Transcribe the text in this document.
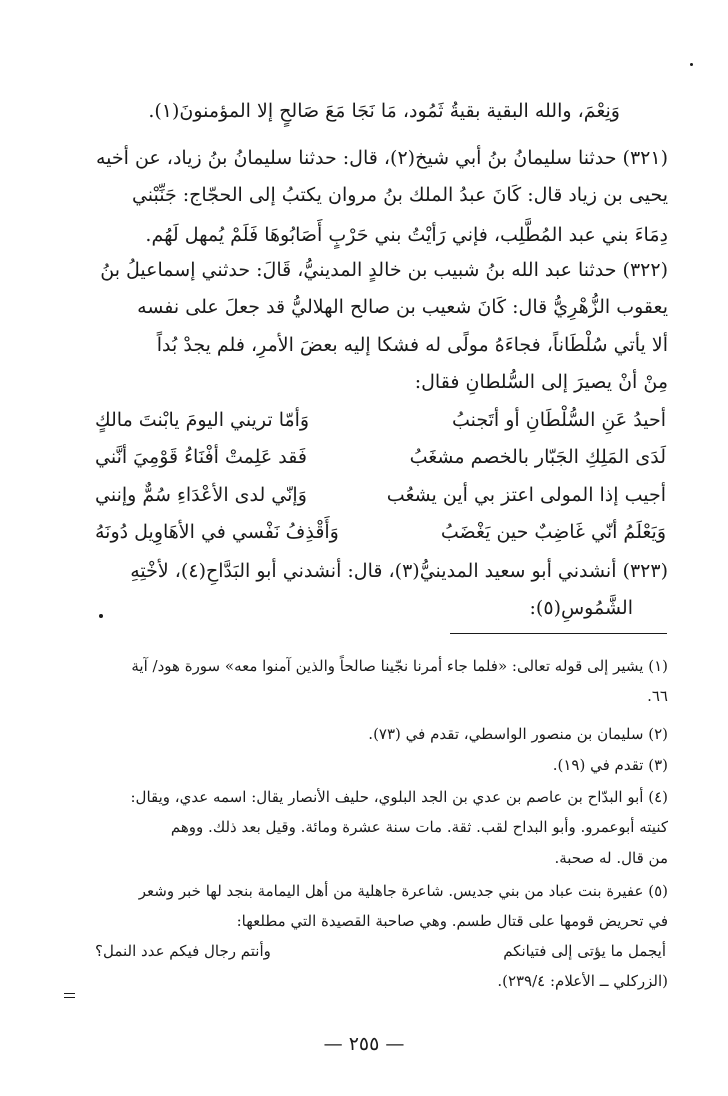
وَنِعْمَ، والله البقية بقيةُ ثَمُود، مَا نَجَا مَعَ صَالحٍ إلا المؤمنونَ(١).

(٣٢١) حدثنا سليمانُ بنُ أبي شيخ(٢)، قال: حدثنا سليمانُ بنُ زياد، عن أخيه

يحيى بن زياد قال: كَانَ عبدُ الملك بنُ مروان يكتبُ إلى الحجّاج: جَنِّبْني

دِمَاءَ بني عبد المُطَّلِب، فإني رَأيْتُ بني حَرْبٍ أَصَابُوهَا فَلَمْ يُمهل لَهُم.

(٣٢٢) حدثنا عبد الله بنُ شبيب بن خالدٍ المدينيُّ، قَالَ: حدثني إسماعيلُ بنُ

يعقوب الزُّهْرِيُّ قال: كَانَ شعيب بن صالح الهلاليُّ قد جعلَ على نفسه

ألا يأتي سُلْطَاناً، فجاءَهُ مولًى له فشكا إليه بعضَ الأمرِ، فلم يجدْ بُداً

مِنْ أنْ يصيرَ إلى السُّلطانِ فقال:

أحيدُ عَنِ السُّلْطَانِ أو أتَجنبُ

وَأمّا تريني اليومَ يابْنتَ مالكٍ

لَدَى المَلِكِ الجَبّار بالخصم مشغَبُ

فَقد عَلِمتْ أفْنَاءُ قَوْمِيَ أنَّني

أجيب إذا المولى اعتز بي أين يشعُب

وَإنّي لدى الأعْدَاءِ سُمٌّ وإنني

وَيَعْلَمُ أنّي غَاضِبٌ حين يَغْضَبُ

وَأَقْذِفُ نَفْسي في الأهَاوِيل دُونَهُ

(٣٢٣) أنشدني أبو سعيد المدينيُّ(٣)، قال: أنشدني أبو البَدَّاحِ(٤)، لأخْتِهِ

الشَّمُوسِ(٥):

(١) يشير إلى قوله تعالى: «فلما جاء أمرنا نجّينا صالحاً والذين آمنوا معه» سورة هود/ آية

٦٦.

(٢) سليمان بن منصور الواسطي، تقدم في (٧٣).

(٣) تقدم في (١٩).

(٤) أبو البدّاح بن عاصم بن عدي بن الجد البلوي، حليف الأنصار يقال: اسمه عدي، ويقال:

كنيته أبوعمرو. وأبو البداح لقب. ثقة. مات سنة عشرة ومائة. وقيل بعد ذلك. ووهم

من قال. له صحبة.

(٥) عفيرة بنت عباد من بني جديس. شاعرة جاهلية من أهل اليمامة بنجد لها خبر وشعر

في تحريض قومها على قتال طسم. وهي صاحبة القصيدة التي مطلعها:

أيجمل ما يؤتى إلى فتيانكم

وأنتم رجال فيكم عدد النمل؟

(الزركلي ــ الأعلام: ٢٣٩/٤).

— ٢٥٥ —
